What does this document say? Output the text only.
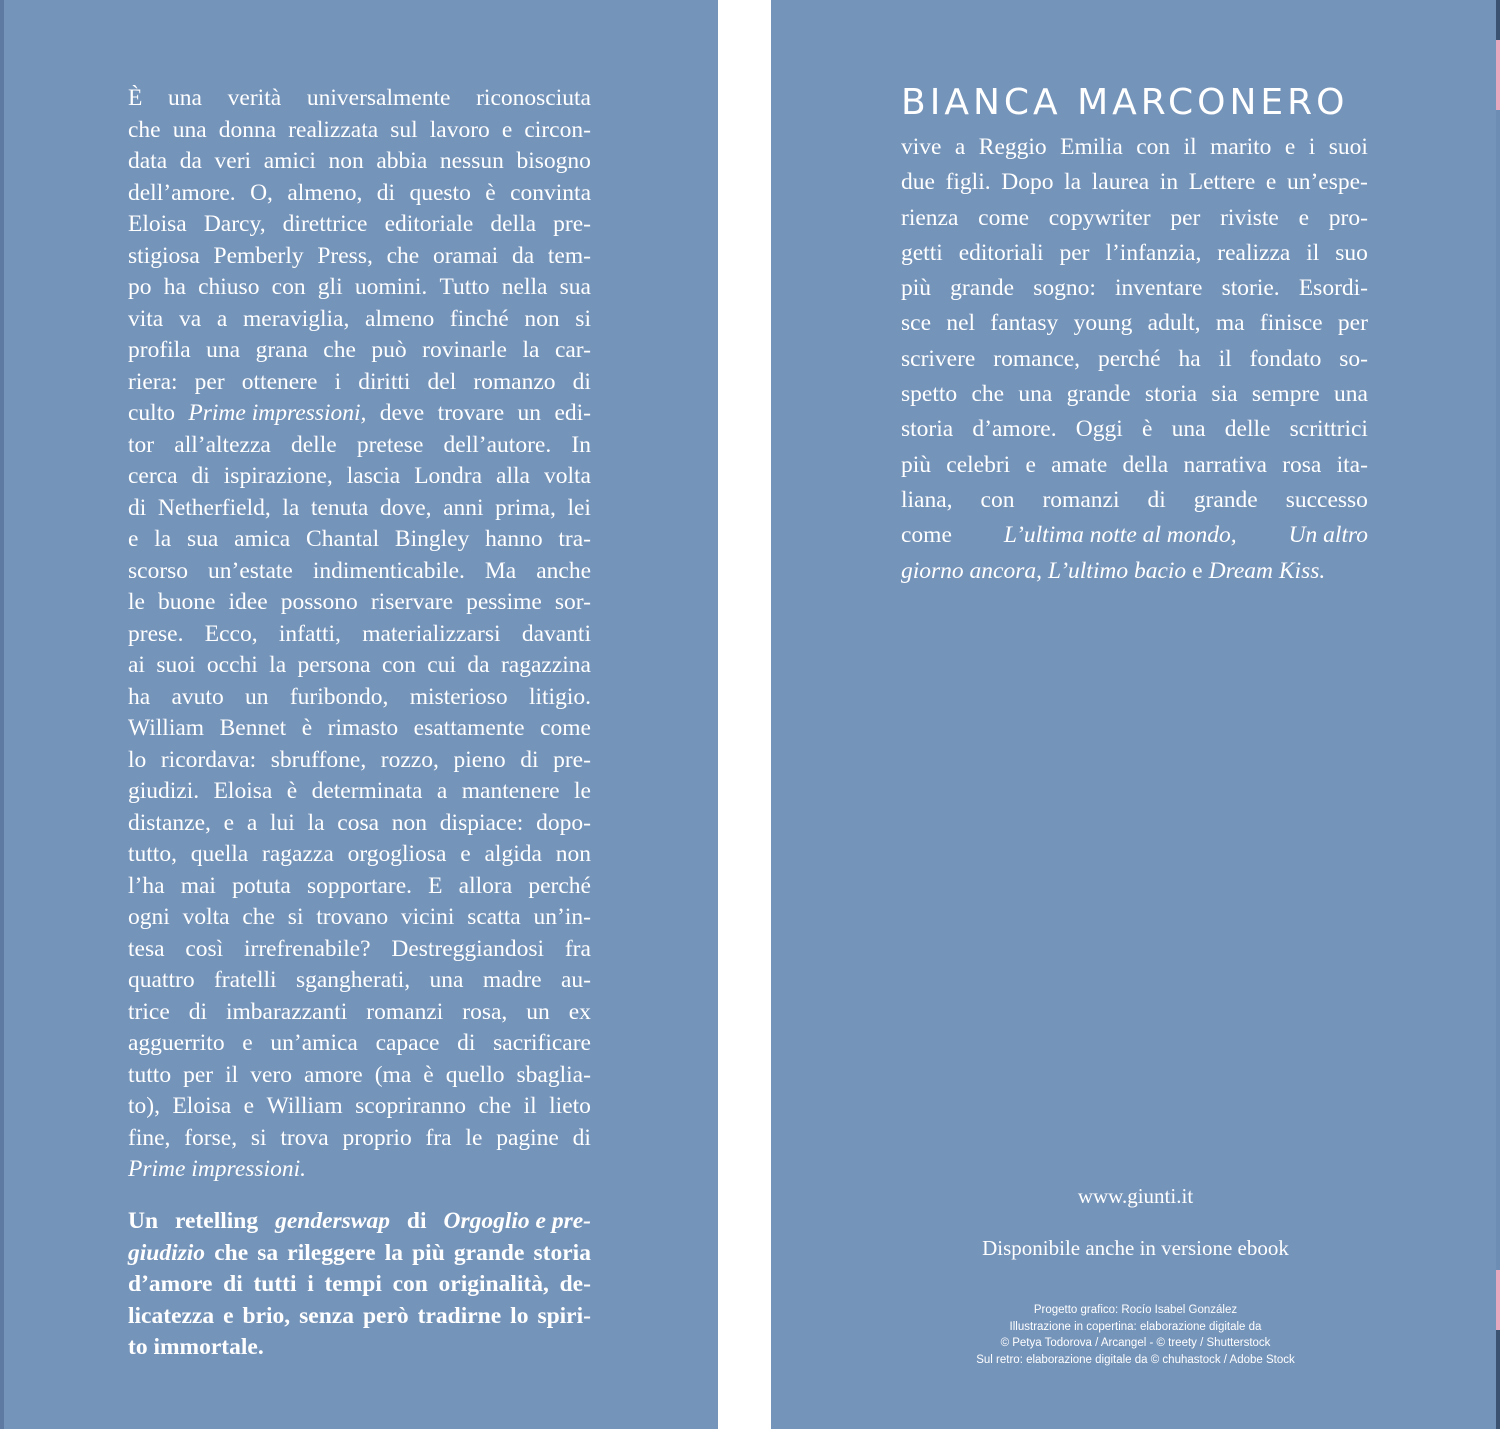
È una verità universalmente riconosciuta
che una donna realizzata sul lavoro e circon-
data da veri amici non abbia nessun bisogno
dell’amore. O, almeno, di questo è convinta
Eloisa Darcy, direttrice editoriale della pre-
stigiosa Pemberly Press, che oramai da tem-
po ha chiuso con gli uomini. Tutto nella sua
vita va a meraviglia, almeno finché non si
profila una grana che può rovinarle la car-
riera: per ottenere i diritti del romanzo di
culto Prime impressioni, deve trovare un edi-
tor all’altezza delle pretese dell’autore. In
cerca di ispirazione, lascia Londra alla volta
di Netherfield, la tenuta dove, anni prima, lei
e la sua amica Chantal Bingley hanno tra-
scorso un’estate indimenticabile. Ma anche
le buone idee possono riservare pessime sor-
prese. Ecco, infatti, materializzarsi davanti
ai suoi occhi la persona con cui da ragazzina
ha avuto un furibondo, misterioso litigio.
William Bennet è rimasto esattamente come
lo ricordava: sbruffone, rozzo, pieno di pre-
giudizi. Eloisa è determinata a mantenere le
distanze, e a lui la cosa non dispiace: dopo-
tutto, quella ragazza orgogliosa e algida non
l’ha mai potuta sopportare. E allora perché
ogni volta che si trovano vicini scatta un’in-
tesa così irrefrenabile? Destreggiandosi fra
quattro fratelli sgangherati, una madre au-
trice di imbarazzanti romanzi rosa, un ex
agguerrito e un’amica capace di sacrificare
tutto per il vero amore (ma è quello sbaglia-
to), Eloisa e William scopriranno che il lieto
fine, forse, si trova proprio fra le pagine di
Prime impressioni.
Un retelling genderswap di Orgoglio e pre-
giudizio che sa rileggere la più grande storia
d’amore di tutti i tempi con originalità, de-
licatezza e brio, senza però tradirne lo spiri-
to immortale.
BIANCA MARCONERO
vive a Reggio Emilia con il marito e i suoi
due figli. Dopo la laurea in Lettere e un’espe-
rienza come copywriter per riviste e pro-
getti editoriali per l’infanzia, realizza il suo
più grande sogno: inventare storie. Esordi-
sce nel fantasy young adult, ma finisce per
scrivere romance, perché ha il fondato so-
spetto che una grande storia sia sempre una
storia d’amore. Oggi è una delle scrittrici
più celebri e amate della narrativa rosa ita-
liana, con romanzi di grande successo
come L’ultima notte al mondo, Un altro
giorno ancora, L’ultimo bacio e Dream Kiss.
www.giunti.it
Disponibile anche in versione ebook
Progetto grafico: Rocío Isabel González
Illustrazione in copertina: elaborazione digitale da
© Petya Todorova / Arcangel - © treety / Shutterstock
Sul retro: elaborazione digitale da © chuhastock / Adobe Stock
